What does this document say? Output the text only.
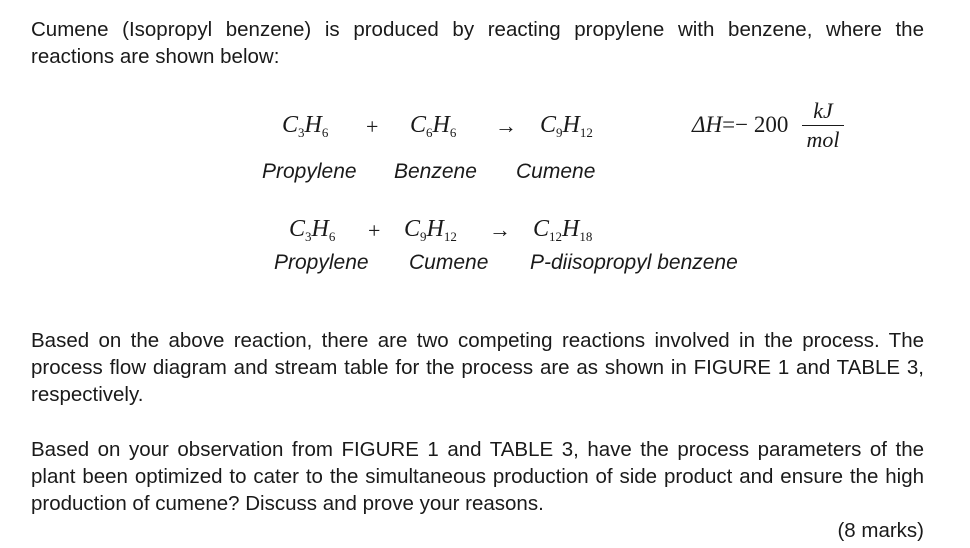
Cumene (Isopropyl benzene) is produced by reacting propylene with benzene, where the reactions are shown below:

$C_3H_6 + C_6H_6 \to C_9H_{12}$	ΔH=− 200
kJ
mol
Propylene Benzene Cumene
$C_3H_6 + C_9H_{12} \to C_{12}H_{18}$
Propylene Cumene P-diisopropyl benzene

Based on the above reaction, there are two competing reactions involved in the process. The process flow diagram and stream table for the process are as shown in FIGURE 1 and TABLE 3, respectively.

Based on your observation from FIGURE 1 and TABLE 3, have the process parameters of the plant been optimized to cater to the simultaneous production of side product and ensure the high production of cumene? Discuss and prove your reasons.

(8 marks)
